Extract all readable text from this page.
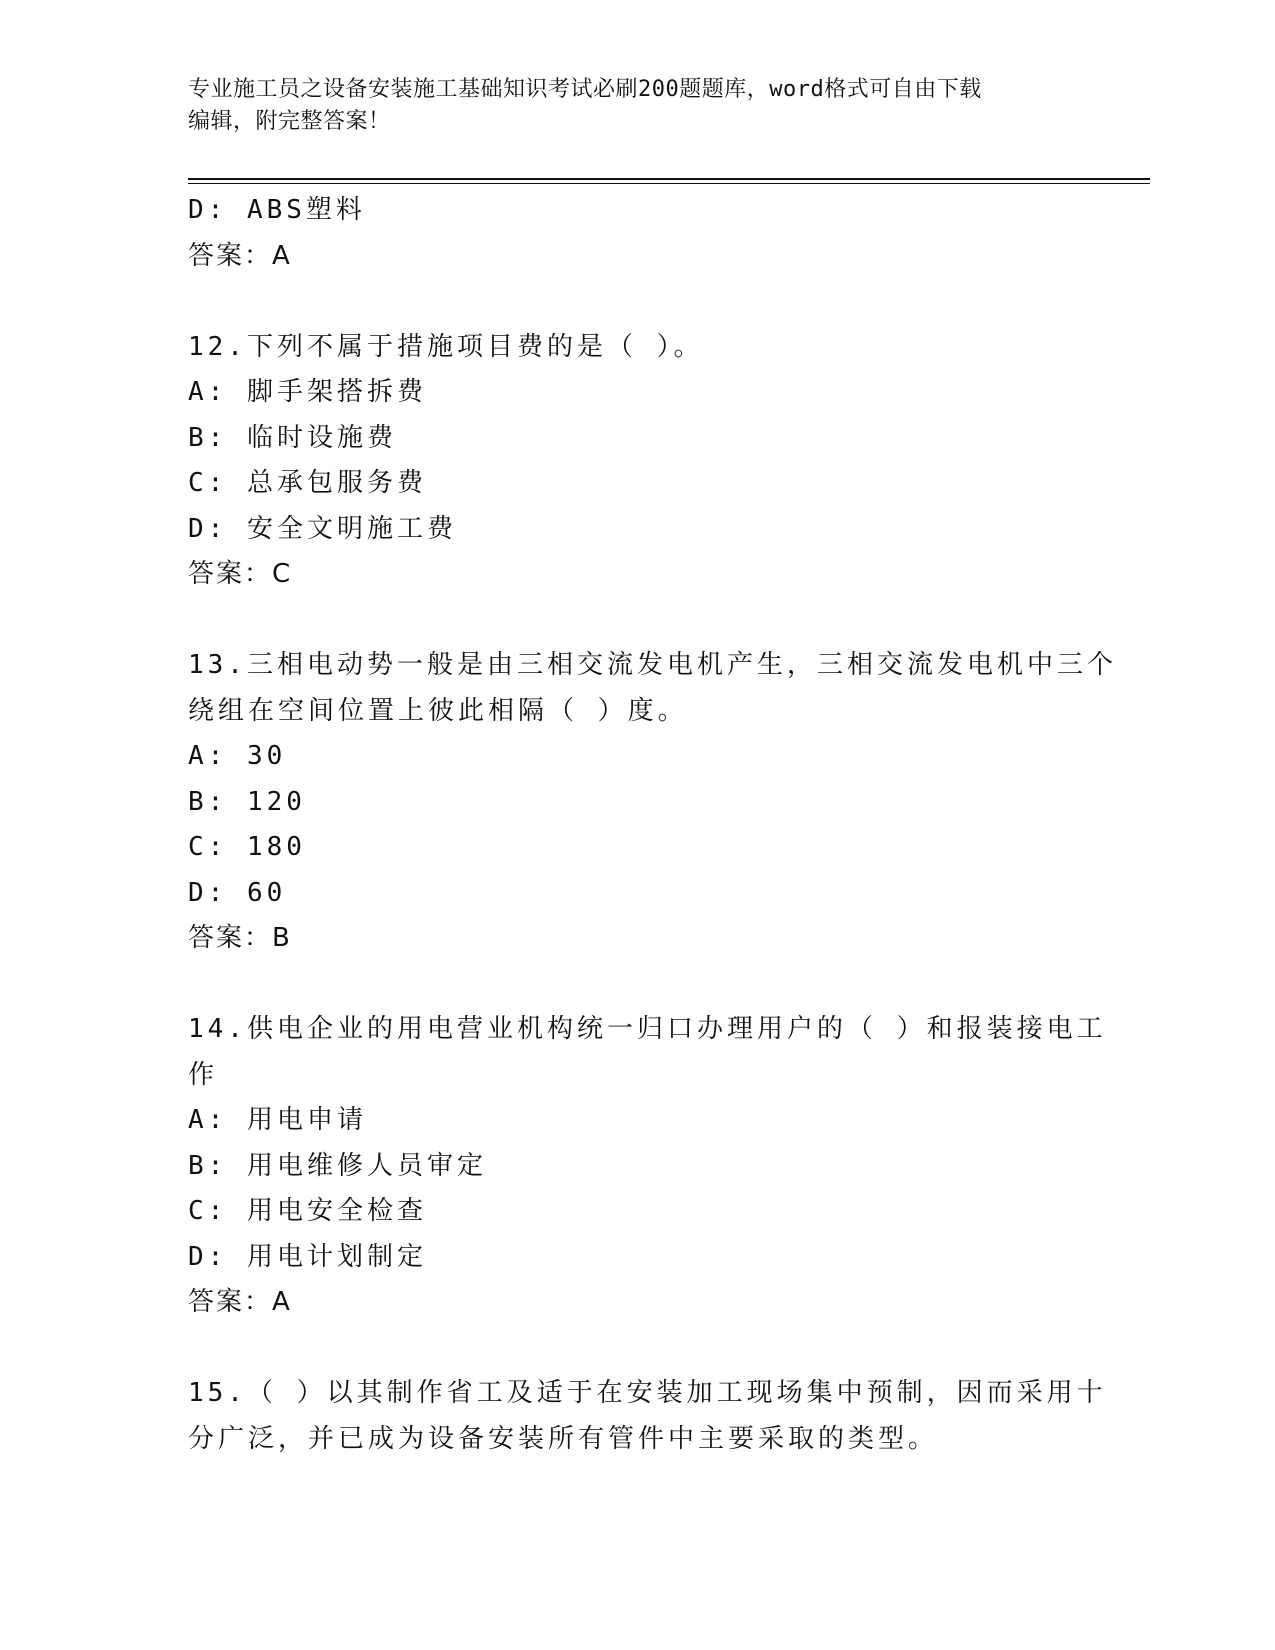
专业施工员之设备安装施工基础知识考试必刷200题题库，word格式可自由下载
编辑，附完整答案！
D: ABS塑料
答案：A
12.下列不属于措施项目费的是（ ）。
A: 脚手架搭拆费
B: 临时设施费
C: 总承包服务费
D: 安全文明施工费
答案：C
13.三相电动势一般是由三相交流发电机产生，三相交流发电机中三个
绕组在空间位置上彼此相隔（ ）度。
A: 30
B: 120
C: 180
D: 60
答案：B
14.供电企业的用电营业机构统一归口办理用户的（ ）和报装接电工
作
A: 用电申请
B: 用电维修人员审定
C: 用电安全检查
D: 用电计划制定
答案：A
15.（ ）以其制作省工及适于在安装加工现场集中预制，因而采用十
分广泛，并已成为设备安装所有管件中主要采取的类型。
